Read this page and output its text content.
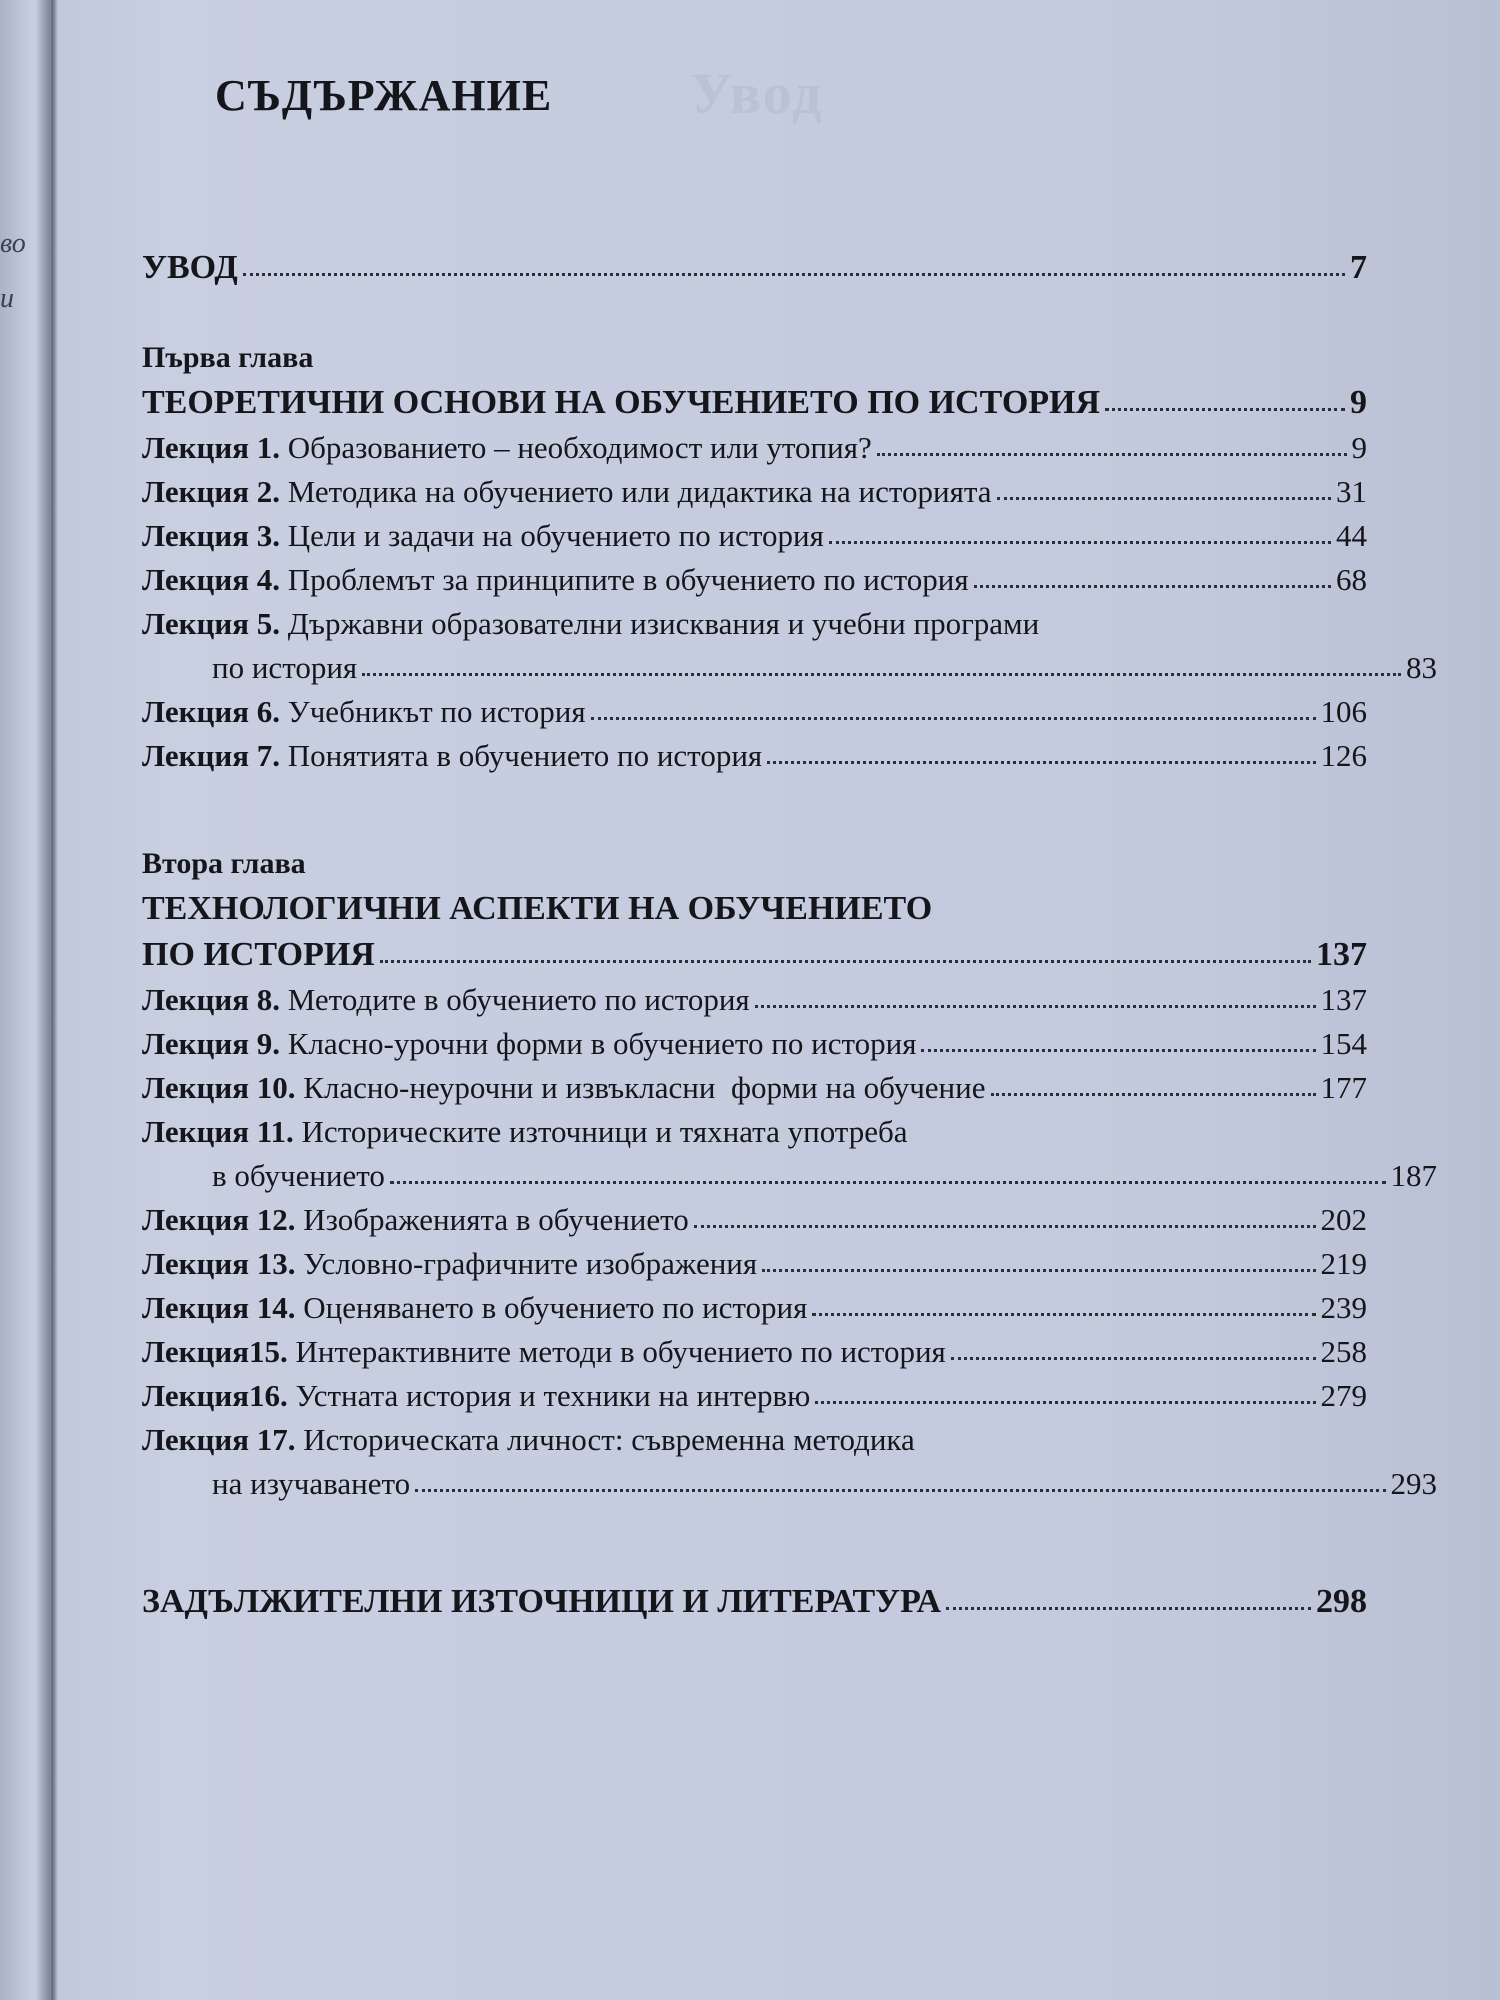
во
и
Увод
СЪДЪРЖАНИЕ
УВОД	7
Първа глава
ТЕОРЕТИЧНИ ОСНОВИ НА ОБУЧЕНИЕТО ПО ИСТОРИЯ	9
Лекция 1. Образованието – необходимост или утопия?	9
Лекция 2. Методика на обучението или дидактика на историята	31
Лекция 3. Цели и задачи на обучението по история	44
Лекция 4. Проблемът за принципите в обучението по история	68
Лекция 5. Държавни образователни изисквания и учебни програми
по история	83
Лекция 6. Учебникът по история	106
Лекция 7. Понятията в обучението по история	126
Втора глава
ТЕХНОЛОГИЧНИ АСПЕКТИ НА ОБУЧЕНИЕТО
ПО ИСТОРИЯ	137
Лекция 8. Методите в обучението по история	137
Лекция 9. Класно-урочни форми в обучението по история	154
Лекция 10. Класно-неурочни и извъкласни  форми на обучение	177
Лекция 11. Историческите източници и тяхната употреба
в обучението	187
Лекция 12. Изображенията в обучението	202
Лекция 13. Условно-графичните изображения	219
Лекция 14. Оценяването в обучението по история	239
Лекция15. Интерактивните методи в обучението по история	258
Лекция16. Устната история и техники на интервю	279
Лекция 17. Историческата личност: съвременна методика
на изучаването	293
ЗАДЪЛЖИТЕЛНИ ИЗТОЧНИЦИ И ЛИТЕРАТУРА	298
